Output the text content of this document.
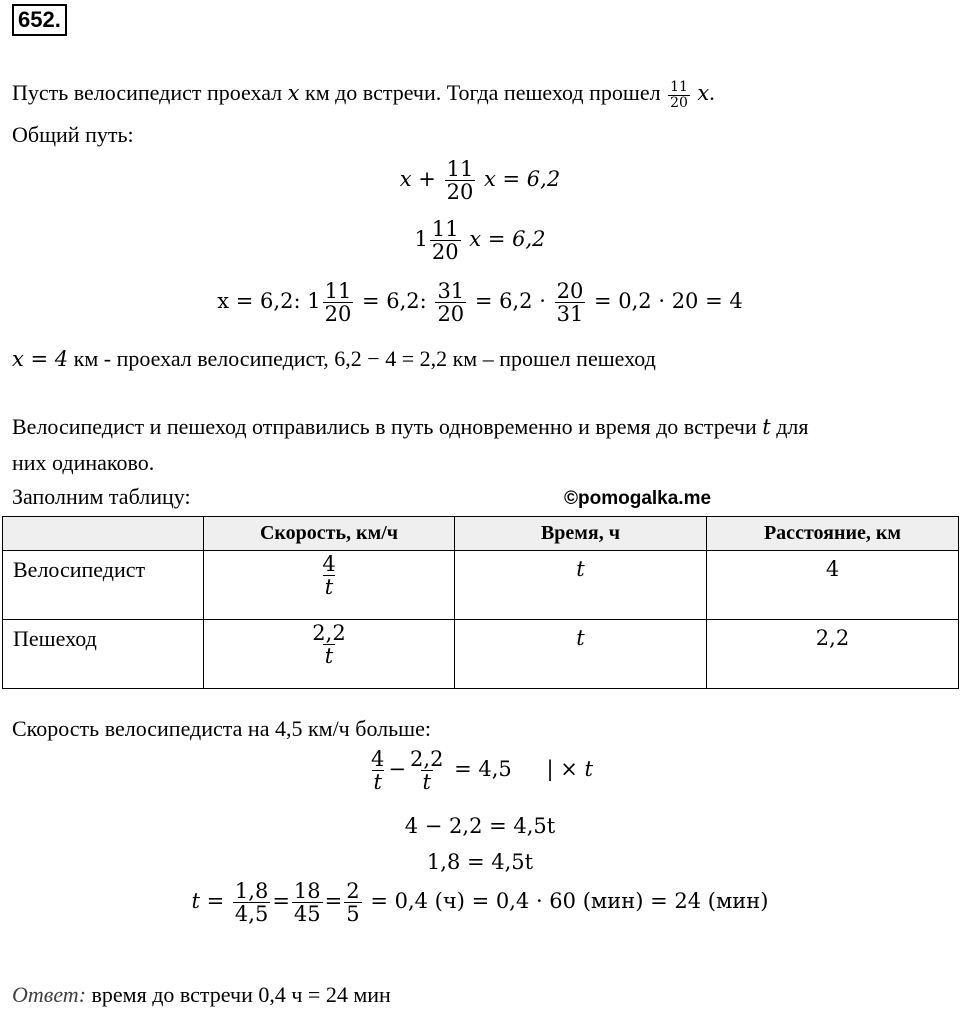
652.
Пусть велосипедист проехал x км до встречи. Тогда пешеход прошел $\frac{11}{20} x$.
Общий путь:
$x + \frac{11}{20}$ x = 6,2
$1 \frac{11}{20}$ x = 6,2
x = 6,2: $1 \frac{11}{20} = 6,2$: $\frac{31}{20} = 6,2 \cdot \frac{20}{31} = 0,2 \cdot 20 = 4$
x = 4 км - проехал велосипедист, 6,2 − 4 = 2,2 км – прошел пешеход
Велосипедист и пешеход отправились в путь одновременно и время до встречи t для
них одинаково.
Заполним таблицу:	©pomogalka.me
	Скорость, км/ч	Время, ч	Расстояние, км
Велосипедист	$\frac{4}{t}$	t	4
Пешеход	$\frac{2,2}{t}$	t	2,2
Скорость велосипедиста на 4,5 км/ч больше:
$\frac{4}{t} - \frac{2,2}{t} = 4,5$ | × t
4 − 2,2 = 4,5t
1,8 = 4,5t
$t = \frac{1,8}{4,5} = \frac{18}{45} = \frac{2}{5} = 0,4$ (ч) = 0,4 · 60 (мин) = 24 (мин)
Ответ: время до встречи 0,4 ч = 24 мин
